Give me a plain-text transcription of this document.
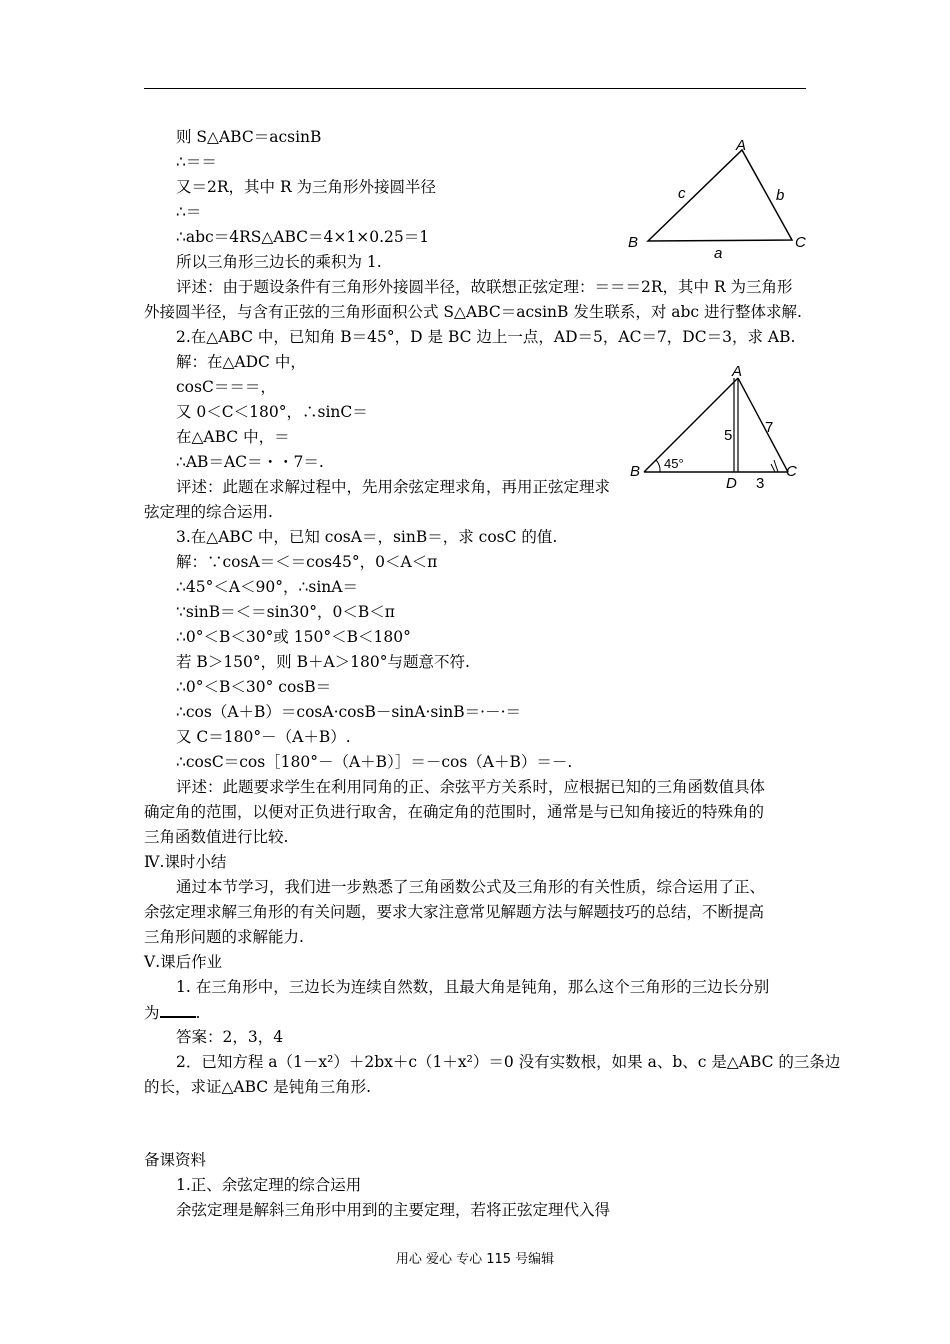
则 S△ABC＝acsinB
∴＝＝
又＝2R，其中 R 为三角形外接圆半径
∴＝
∴abc＝4RS△ABC＝4×1×0.25＝1
所以三角形三边长的乘积为 1.
评述：由于题设条件有三角形外接圆半径，故联想正弦定理：＝＝＝2R，其中 R 为三角形
外接圆半径，与含有正弦的三角形面积公式 S△ABC＝acsinB 发生联系，对 abc 进行整体求解.
2.在△ABC 中，已知角 B＝45°，D 是 BC 边上一点，AD＝5，AC＝7，DC＝3，求 AB.
解：在△ADC 中，
cosC＝＝＝，
又 0＜C＜180°，∴sinC＝
在△ABC 中，＝
∴AB＝AC＝・・7＝.
评述：此题在求解过程中，先用余弦定理求角，再用正弦定理求
弦定理的综合运用.
3.在△ABC 中，已知 cosA＝，sinB＝，求 cosC 的值.
解：∵cosA＝＜＝cos45°，0＜A＜π
∴45°＜A＜90°，∴sinA＝
∵sinB＝＜＝sin30°，0＜B＜π
∴0°＜B＜30°或 150°＜B＜180°
若 B＞150°，则 B＋A＞180°与题意不符.
∴0°＜B＜30° cosB＝
∴cos（A＋B）＝cosA·cosB－sinA·sinB＝·－·＝
又 C＝180°－（A＋B）.
∴cosC＝cos［180°－（A＋B）］＝－cos（A＋B）＝－.
评述：此题要求学生在利用同角的正、余弦平方关系时，应根据已知的三角函数值具体
确定角的范围，以便对正负进行取舍，在确定角的范围时，通常是与已知角接近的特殊角的
三角函数值进行比较.
Ⅳ.课时小结
通过本节学习，我们进一步熟悉了三角函数公式及三角形的有关性质，综合运用了正、
余弦定理求解三角形的有关问题，要求大家注意常见解题方法与解题技巧的总结，不断提高
三角形问题的求解能力.
Ⅴ.课后作业
1. 在三角形中，三边长为连续自然数，且最大角是钝角，那么这个三角形的三边长分别
为 .
答案：2，3，4
2．已知方程 a（1－x²）＋2bx＋c（1＋x²）＝0 没有实数根，如果 a、b、c 是△ABC 的三条边
的长，求证△ABC 是钝角三角形.
备课资料
1.正、余弦定理的综合运用
余弦定理是解斜三角形中用到的主要定理，若将正弦定理代入得
A
B	C
c	b
a
A
B	C
D
5 7
3
45°
用心 爱心 专心 115 号编辑
